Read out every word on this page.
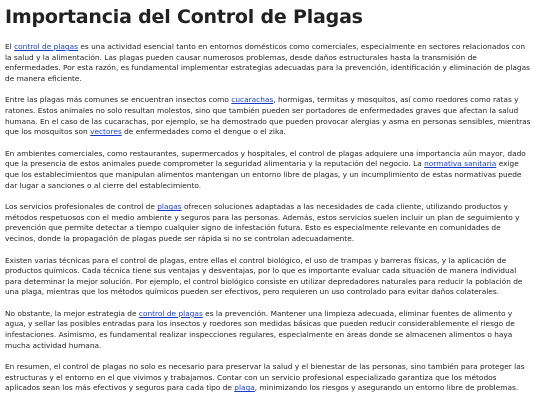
Importancia del Control de Plagas

El control de plagas es una actividad esencial tanto en entornos domésticos como comerciales, especialmente en sectores relacionados con la salud y la alimentación. Las plagas pueden causar numerosos problemas, desde daños estructurales hasta la transmisión de enfermedades. Por esta razón, es fundamental implementar estrategias adecuadas para la prevención, identificación y eliminación de plagas de manera eficiente.

Entre las plagas más comunes se encuentran insectos como cucarachas, hormigas, termitas y mosquitos, así como roedores como ratas y ratones. Estos animales no solo resultan molestos, sino que también pueden ser portadores de enfermedades graves que afectan la salud humana. En el caso de las cucarachas, por ejemplo, se ha demostrado que pueden provocar alergias y asma en personas sensibles, mientras que los mosquitos son vectores de enfermedades como el dengue o el zika.

En ambientes comerciales, como restaurantes, supermercados y hospitales, el control de plagas adquiere una importancia aún mayor, dado que la presencia de estos animales puede comprometer la seguridad alimentaria y la reputación del negocio. La normativa sanitaria exige que los establecimientos que manipulan alimentos mantengan un entorno libre de plagas, y un incumplimiento de estas normativas puede dar lugar a sanciones o al cierre del establecimiento.

Los servicios profesionales de control de plagas ofrecen soluciones adaptadas a las necesidades de cada cliente, utilizando productos y métodos respetuosos con el medio ambiente y seguros para las personas. Además, estos servicios suelen incluir un plan de seguimiento y prevención que permite detectar a tiempo cualquier signo de infestación futura. Esto es especialmente relevante en comunidades de vecinos, donde la propagación de plagas puede ser rápida si no se controlan adecuadamente.

Existen varias técnicas para el control de plagas, entre ellas el control biológico, el uso de trampas y barreras físicas, y la aplicación de productos químicos. Cada técnica tiene sus ventajas y desventajas, por lo que es importante evaluar cada situación de manera individual para determinar la mejor solución. Por ejemplo, el control biológico consiste en utilizar depredadores naturales para reducir la población de una plaga, mientras que los métodos químicos pueden ser efectivos, pero requieren un uso controlado para evitar daños colaterales.

No obstante, la mejor estrategia de control de plagas es la prevención. Mantener una limpieza adecuada, eliminar fuentes de alimento y agua, y sellar las posibles entradas para los insectos y roedores son medidas básicas que pueden reducir considerablemente el riesgo de infestaciones. Asimismo, es fundamental realizar inspecciones regulares, especialmente en áreas donde se almacenen alimentos o haya mucha actividad humana.

En resumen, el control de plagas no solo es necesario para preservar la salud y el bienestar de las personas, sino también para proteger las estructuras y el entorno en el que vivimos y trabajamos. Contar con un servicio profesional especializado garantiza que los métodos aplicados sean los más efectivos y seguros para cada tipo de plaga, minimizando los riesgos y asegurando un entorno libre de problemas.
